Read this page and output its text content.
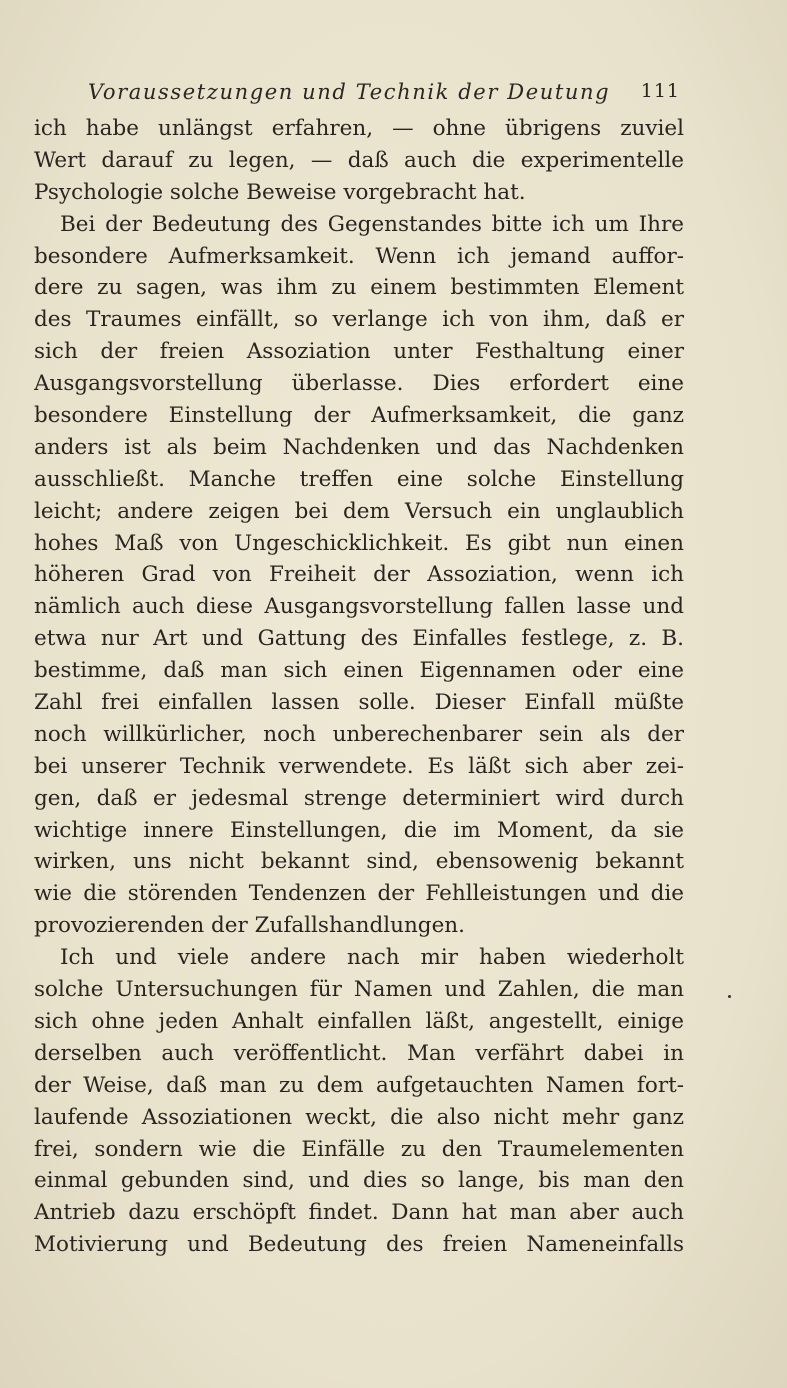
Voraussetzungen und Technik der Deutung 111
ich habe unlängst erfahren, — ohne übrigens zuviel
Wert darauf zu legen, — daß auch die experimentelle
Psychologie solche Beweise vorgebracht hat.
Bei der Bedeutung des Gegenstandes bitte ich um Ihre
besondere Aufmerksamkeit. Wenn ich jemand auffor-
dere zu sagen, was ihm zu einem bestimmten Element
des Traumes einfällt, so verlange ich von ihm, daß er
sich der freien Assoziation unter Festhaltung einer
Ausgangsvorstellung überlasse. Dies erfordert eine
besondere Einstellung der Aufmerksamkeit, die ganz
anders ist als beim Nachdenken und das Nachdenken
ausschließt. Manche treffen eine solche Einstellung
leicht; andere zeigen bei dem Versuch ein unglaublich
hohes Maß von Ungeschicklichkeit. Es gibt nun einen
höheren Grad von Freiheit der Assoziation, wenn ich
nämlich auch diese Ausgangsvorstellung fallen lasse und
etwa nur Art und Gattung des Einfalles festlege, z. B.
bestimme, daß man sich einen Eigennamen oder eine
Zahl frei einfallen lassen solle. Dieser Einfall müßte
noch willkürlicher, noch unberechenbarer sein als der
bei unserer Technik verwendete. Es läßt sich aber zei-
gen, daß er jedesmal strenge determiniert wird durch
wichtige innere Einstellungen, die im Moment, da sie
wirken, uns nicht bekannt sind, ebensowenig bekannt
wie die störenden Tendenzen der Fehlleistungen und die
provozierenden der Zufallshandlungen.
Ich und viele andere nach mir haben wiederholt
solche Untersuchungen für Namen und Zahlen, die man
sich ohne jeden Anhalt einfallen läßt, angestellt, einige
derselben auch veröffentlicht. Man verfährt dabei in
der Weise, daß man zu dem aufgetauchten Namen fort-
laufende Assoziationen weckt, die also nicht mehr ganz
frei, sondern wie die Einfälle zu den Traumelementen
einmal gebunden sind, und dies so lange, bis man den
Antrieb dazu erschöpft findet. Dann hat man aber auch
Motivierung und Bedeutung des freien Nameneinfalls
